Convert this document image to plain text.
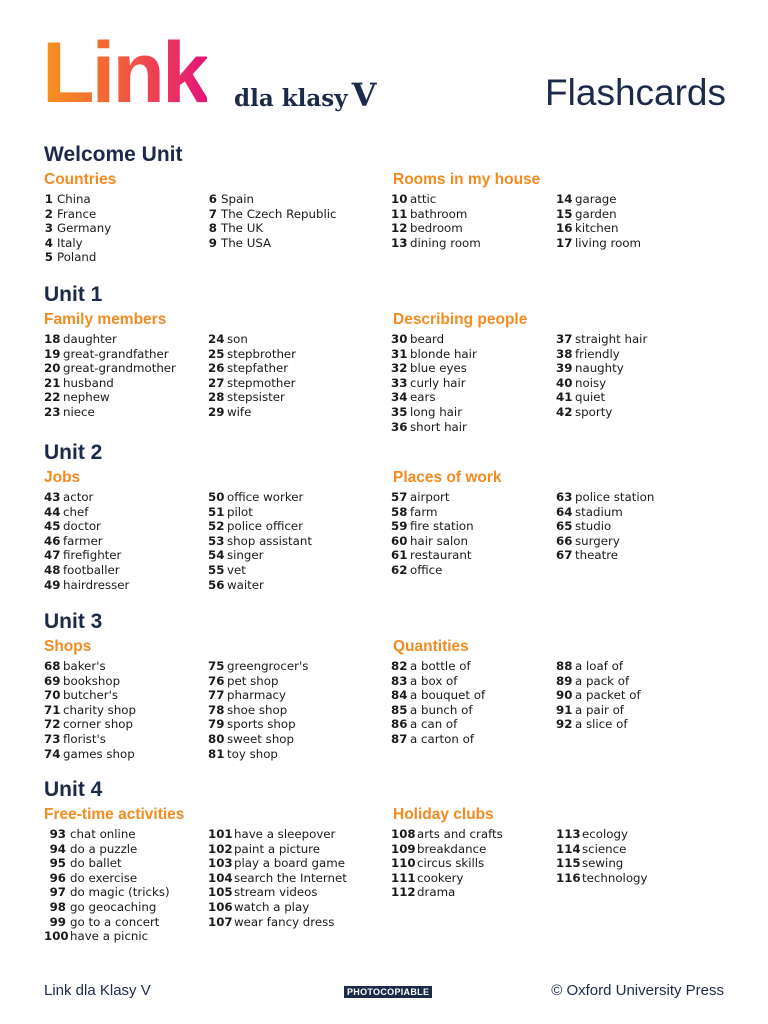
Link dla klasy V	Flashcards
Welcome Unit
Countries
1 China
2 France
3 Germany
4 Italy
5 Poland
6 Spain
7 The Czech Republic
8 The UK
9 The USA
Rooms in my house
10 attic
11 bathroom
12 bedroom
13 dining room
14 garage
15 garden
16 kitchen
17 living room
Unit 1
Family members
18 daughter
19 great-grandfather
20 great-grandmother
21 husband
22 nephew
23 niece
24 son
25 stepbrother
26 stepfather
27 stepmother
28 stepsister
29 wife
Describing people
30 beard
31 blonde hair
32 blue eyes
33 curly hair
34 ears
35 long hair
36 short hair
37 straight hair
38 friendly
39 naughty
40 noisy
41 quiet
42 sporty
Unit 2
Jobs
43 actor
44 chef
45 doctor
46 farmer
47 firefighter
48 footballer
49 hairdresser
50 office worker
51 pilot
52 police officer
53 shop assistant
54 singer
55 vet
56 waiter
Places of work
57 airport
58 farm
59 fire station
60 hair salon
61 restaurant
62 office
63 police station
64 stadium
65 studio
66 surgery
67 theatre
Unit 3
Shops
68 baker's
69 bookshop
70 butcher's
71 charity shop
72 corner shop
73 florist's
74 games shop
75 greengrocer's
76 pet shop
77 pharmacy
78 shoe shop
79 sports shop
80 sweet shop
81 toy shop
Quantities
82 a bottle of
83 a box of
84 a bouquet of
85 a bunch of
86 a can of
87 a carton of
88 a loaf of
89 a pack of
90 a packet of
91 a pair of
92 a slice of
Unit 4
Free-time activities
93 chat online
94 do a puzzle
95 do ballet
96 do exercise
97 do magic (tricks)
98 go geocaching
99 go to a concert
100have a picnic
101have a sleepover
102paint a picture
103play a board game
104search the Internet
105stream videos
106watch a play
107wear fancy dress
Holiday clubs
108arts and crafts
109breakdance
110circus skills
111cookery
112drama
113ecology
114science
115sewing
116technology
Link dla Klasy V	PHOTOCOPIABLE	© Oxford University Press
